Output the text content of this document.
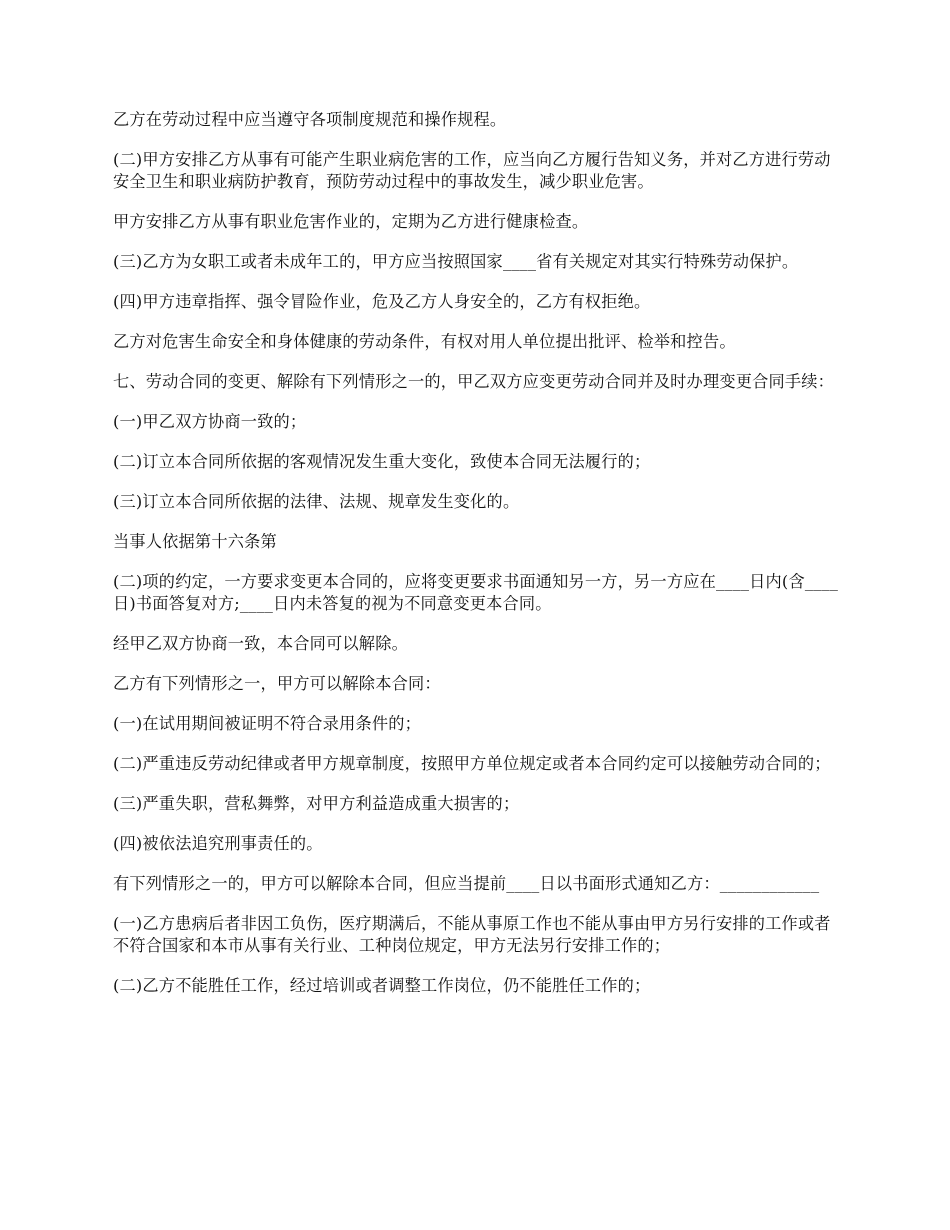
乙方在劳动过程中应当遵守各项制度规范和操作规程。

(二)甲方安排乙方从事有可能产生职业病危害的工作，应当向乙方履行告知义务，并对乙方进行劳动安全卫生和职业病防护教育，预防劳动过程中的事故发生，减少职业危害。

甲方安排乙方从事有职业危害作业的，定期为乙方进行健康检查。

(三)乙方为女职工或者未成年工的，甲方应当按照国家____省有关规定对其实行特殊劳动保护。

(四)甲方违章指挥、强令冒险作业，危及乙方人身安全的，乙方有权拒绝。

乙方对危害生命安全和身体健康的劳动条件，有权对用人单位提出批评、检举和控告。

七、劳动合同的变更、解除有下列情形之一的，甲乙双方应变更劳动合同并及时办理变更合同手续：

(一)甲乙双方协商一致的；

(二)订立本合同所依据的客观情况发生重大变化，致使本合同无法履行的；

(三)订立本合同所依据的法律、法规、规章发生变化的。

当事人依据第十六条第

(二)项的约定，一方要求变更本合同的，应将变更要求书面通知另一方，另一方应在____日内(含____日)书面答复对方;____日内未答复的视为不同意变更本合同。

经甲乙双方协商一致，本合同可以解除。

乙方有下列情形之一，甲方可以解除本合同：

(一)在试用期间被证明不符合录用条件的；

(二)严重违反劳动纪律或者甲方规章制度，按照甲方单位规定或者本合同约定可以接触劳动合同的；

(三)严重失职，营私舞弊，对甲方利益造成重大损害的；

(四)被依法追究刑事责任的。

有下列情形之一的，甲方可以解除本合同，但应当提前____日以书面形式通知乙方：____________

(一)乙方患病后者非因工负伤，医疗期满后，不能从事原工作也不能从事由甲方另行安排的工作或者不符合国家和本市从事有关行业、工种岗位规定，甲方无法另行安排工作的；

(二)乙方不能胜任工作，经过培训或者调整工作岗位，仍不能胜任工作的；
